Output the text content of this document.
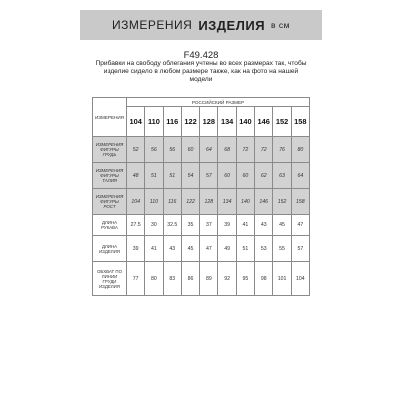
ИЗМЕРЕНИЯ ИЗДЕЛИЯ в см
F49.428
Прибавки на свободу облегания учтены во всех размерах так, чтобы
изделие сидело в любом размере также, как на фото на нашей
модели
ИЗМЕРЕНИЯ	РОССИЙСКИЙ РАЗМЕР									
	104	110	116	122	128	134	140	146	152	158

ИЗМЕРЕНИЯ
ФИГУРЫ
ГРУДЬ	52	56	56	60	64	68	72	72	76	80

ИЗМЕРЕНИЯ
ФИГУРЫ
ТАЛИЯ	48	51	51	54	57	60	60	62	63	64

ИЗМЕРЕНИЯ
ФИГУРЫ
РОСТ	104	110	116	122	128	134	140	146	152	158

ДЛИНА
РУКАВА	27.5	30	32.5	35	37	39	41	43	45	47

ДЛИНА
ИЗДЕЛИЯ	39	41	43	45	47	49	51	53	55	57

ОБХВАТ ПО
ЛИНИИ
ГРУДИ
ИЗДЕЛИЯ	77	80	83	86	89	92	95	98	101	104
